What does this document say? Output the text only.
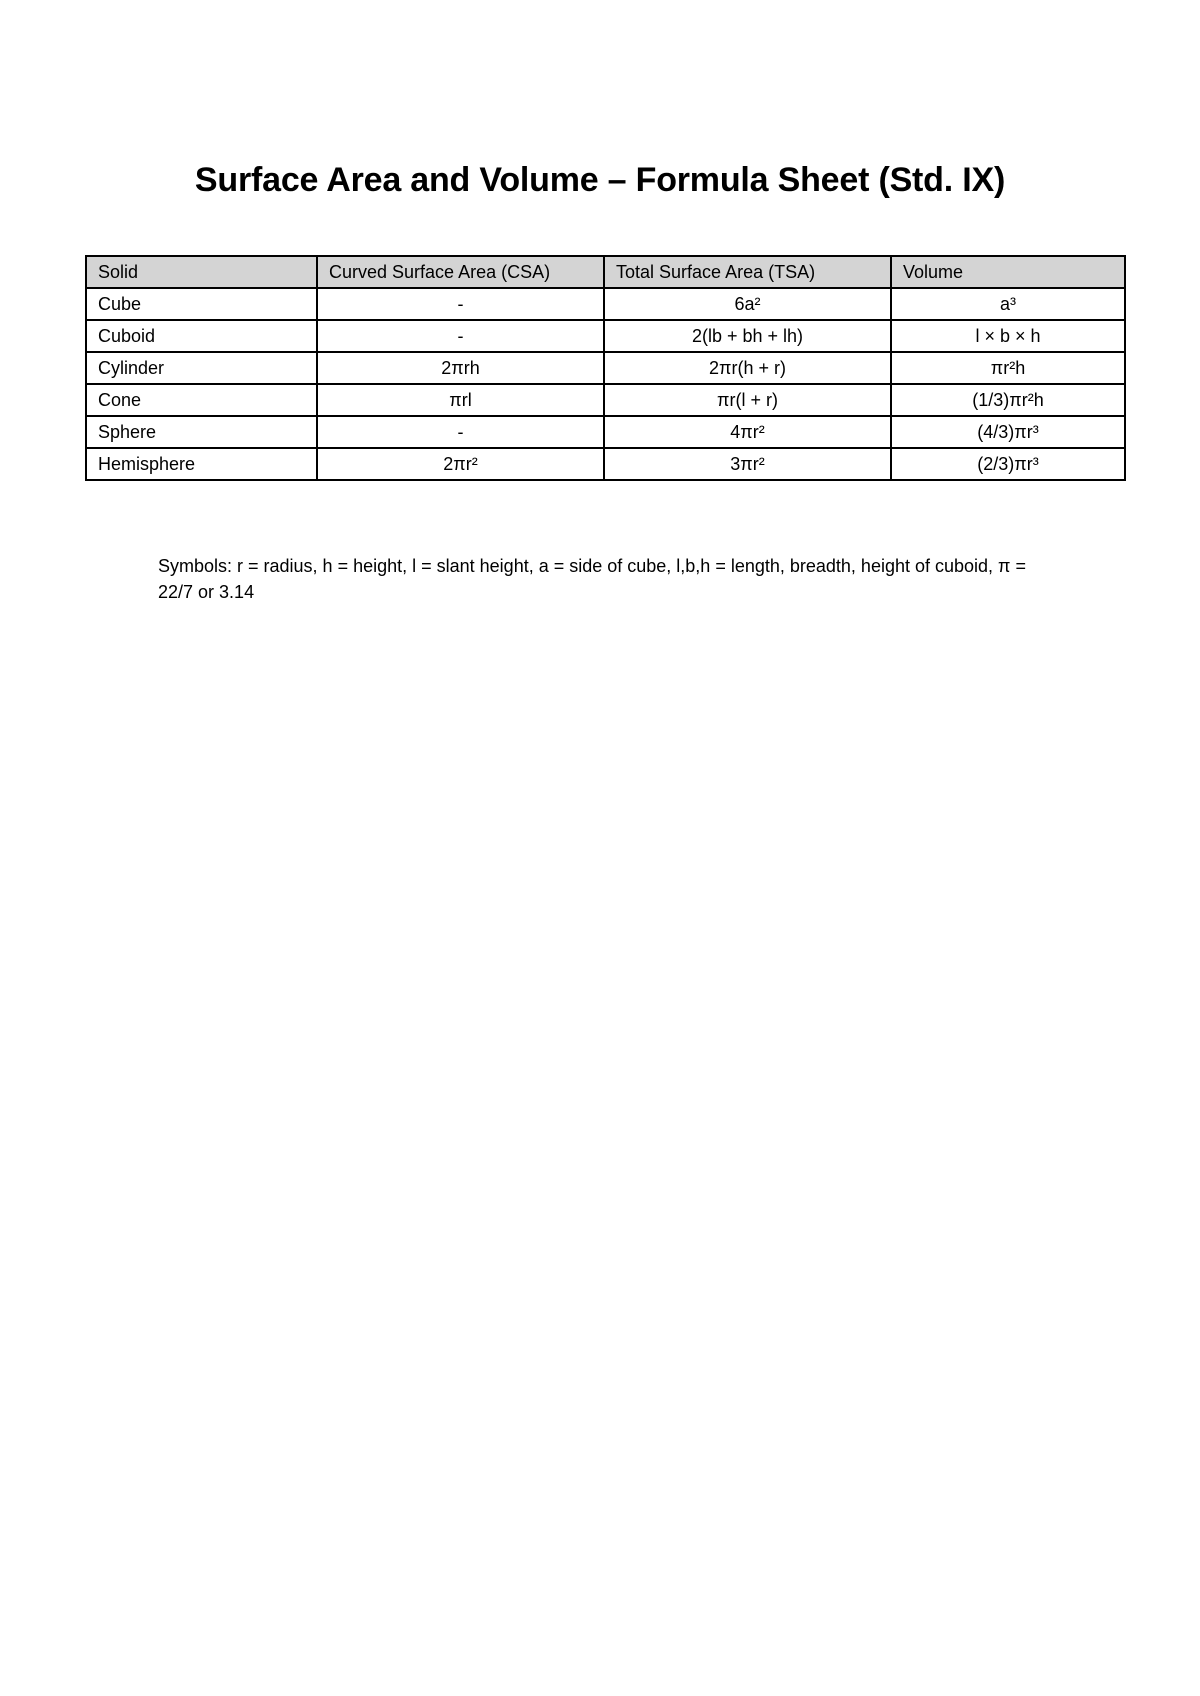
Surface Area and Volume – Formula Sheet (Std. IX)
Solid	Curved Surface Area (CSA)	Total Surface Area (TSA)	Volume
Cube	-	6a²	a³
Cuboid	-	2(lb + bh + lh)	l × b × h
Cylinder	2πrh	2πr(h + r)	πr²h
Cone	πrl	πr(l + r)	(1/3)πr²h
Sphere	-	4πr²	(4/3)πr³
Hemisphere	2πr²	3πr²	(2/3)πr³

Symbols: r = radius, h = height, l = slant height, a = side of cube, l,b,h = length, breadth, height of cuboid, π = 22/7 or 3.14
